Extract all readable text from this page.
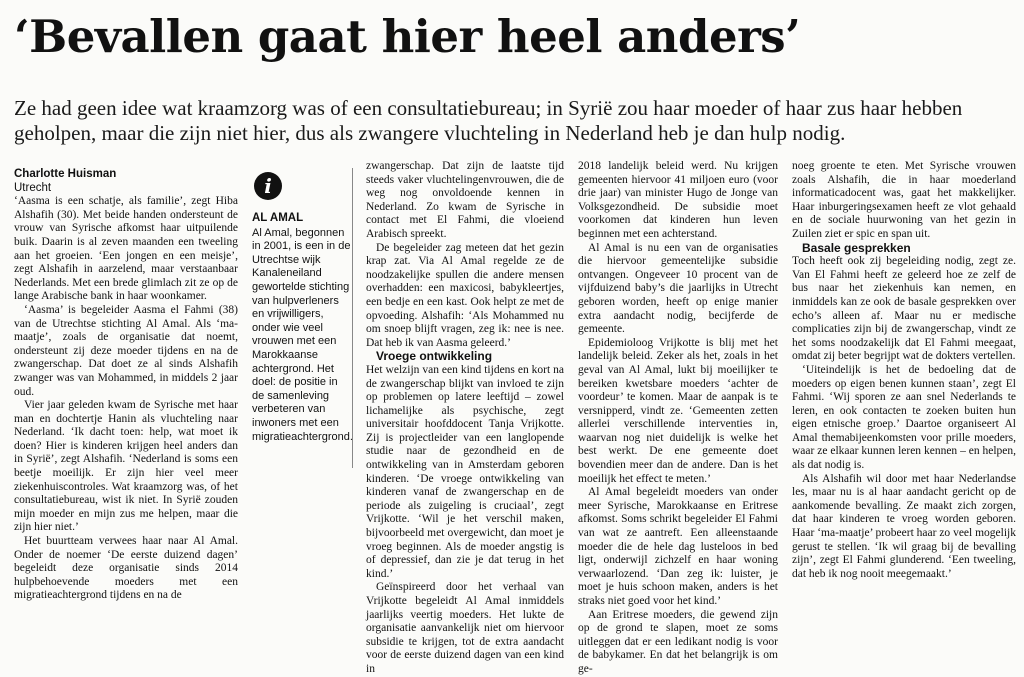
‘Bevallen gaat hier heel anders’

Ze had geen idee wat kraamzorg was of een consultatiebureau; in Syrië zou haar moeder of haar zus haar hebben geholpen, maar die zijn niet hier, dus als zwangere vluchteling in Nederland heb je dan hulp nodig.

Charlotte Huisman

Utrecht

‘Aasma is een schatje, als familie’, zegt Hiba Alshafih (30). Met beide handen ondersteunt de vrouw van Syrische afkomst haar uitpuilende buik. Daarin is al zeven maanden een tweeling aan het groeien. ‘Een jongen en een meisje’, zegt Alshafih in aarzelend, maar verstaanbaar Nederlands. Met een brede glimlach zit ze op de lange Arabische bank in haar woonkamer.

‘Aasma’ is begeleider Aasma el Fahmi (38) van de Utrechtse stichting Al Amal. Als ‘ma-maatje’, zoals de organisatie dat noemt, ondersteunt zij deze moeder tijdens en na de zwangerschap. Dat doet ze al sinds Alshafih zwanger was van Mohammed, in middels 2 jaar oud.

Vier jaar geleden kwam de Syrische met haar man en dochtertje Hanin als vluchteling naar Nederland. ‘Ik dacht toen: help, wat moet ik doen? Hier is kinderen krijgen heel anders dan in Syrië’, zegt Alshafih. ‘Nederland is soms een beetje moeilijk. Er zijn hier veel meer ziekenhuiscontroles. Wat kraamzorg was, of het consultatiebureau, wist ik niet. In Syrië zouden mijn moeder en mijn zus me helpen, maar die zijn hier niet.’

Het buurtteam verwees haar naar Al Amal. Onder de noemer ‘De eerste duizend dagen’ begeleidt deze organisatie sinds 2014 hulpbehoevende moeders met een migratieachtergrond tijdens en na de

i

AL AMAL

Al Amal, begonnen in 2001, is een in de Utrechtse wijk Kanaleneiland gewortelde stichting van hulpverleners en vrijwilligers, onder wie veel vrouwen met een Marokkaanse achtergrond. Het doel: de positie in de samenleving verbeteren van inwoners met een migratieachtergrond.

zwangerschap. Dat zijn de laatste tijd steeds vaker vluchtelingenvrouwen, die de weg nog onvoldoende kennen in Nederland. Zo kwam de Syrische in contact met El Fahmi, die vloeiend Arabisch spreekt.

De begeleider zag meteen dat het gezin krap zat. Via Al Amal regelde ze de noodzakelijke spullen die andere mensen overhadden: een maxicosi, babykleertjes, een bedje en een kast. Ook helpt ze met de opvoeding. Alshafih: ‘Als Mohammed nu om snoep blijft vragen, zeg ik: nee is nee. Dat heb ik van Aasma geleerd.’

Vroege ontwikkeling

Het welzijn van een kind tijdens en kort na de zwangerschap blijkt van invloed te zijn op problemen op latere leeftijd – zowel lichamelijke als psychische, zegt universitair hoofddocent Tanja Vrijkotte. Zij is projectleider van een langlopende studie naar de gezondheid en de ontwikkeling van in Amsterdam geboren kinderen. ‘De vroege ontwikkeling van kinderen vanaf de zwangerschap en de periode als zuigeling is cruciaal’, zegt Vrijkotte. ‘Wil je het verschil maken, bijvoorbeeld met overgewicht, dan moet je vroeg beginnen. Als de moeder angstig is of depressief, dan zie je dat terug in het kind.’

Geïnspireerd door het verhaal van Vrijkotte begeleidt Al Amal inmiddels jaarlijks veertig moeders. Het lukte de organisatie aanvankelijk niet om hiervoor subsidie te krijgen, tot de extra aandacht voor de eerste duizend dagen van een kind in

2018 landelijk beleid werd. Nu krijgen gemeenten hiervoor 41 miljoen euro (voor drie jaar) van minister Hugo de Jonge van Volksgezondheid. De subsidie moet voorkomen dat kinderen hun leven beginnen met een achterstand.

Al Amal is nu een van de organisaties die hiervoor gemeentelijke subsidie ontvangen. Ongeveer 10 procent van de vijfduizend baby’s die jaarlijks in Utrecht geboren worden, heeft op enige manier extra aandacht nodig, becijferde de gemeente.

Epidemioloog Vrijkotte is blij met het landelijk beleid. Zeker als het, zoals in het geval van Al Amal, lukt bij moeilijker te bereiken kwetsbare moeders ‘achter de voordeur’ te komen. Maar de aanpak is te versnipperd, vindt ze. ‘Gemeenten zetten allerlei verschillende interventies in, waarvan nog niet duidelijk is welke het best werkt. De ene gemeente doet bovendien meer dan de andere. Dan is het moeilijk het effect te meten.’

Al Amal begeleidt moeders van onder meer Syrische, Marokkaanse en Eritrese afkomst. Soms schrikt begeleider El Fahmi van wat ze aantreft. Een alleenstaande moeder die de hele dag lusteloos in bed ligt, onderwijl zichzelf en haar woning verwaarlozend. ‘Dan zeg ik: luister, je moet je huis schoon maken, anders is het straks niet goed voor het kind.’

Aan Eritrese moeders, die gewend zijn op de grond te slapen, moet ze soms uitleggen dat er een ledikant nodig is voor de babykamer. En dat het belangrijk is om ge-

noeg groente te eten. Met Syrische vrouwen zoals Alshafih, die in haar moederland informaticadocent was, gaat het makkelijker. Haar inburgeringsexamen heeft ze vlot gehaald en de sociale huurwoning van het gezin in Zuilen ziet er spic en span uit.

Basale gesprekken

Toch heeft ook zij begeleiding nodig, zegt ze. Van El Fahmi heeft ze geleerd hoe ze zelf de bus naar het ziekenhuis kan nemen, en inmiddels kan ze ook de basale gesprekken over echo’s alleen af. Maar nu er medische complicaties zijn bij de zwangerschap, vindt ze het soms noodzakelijk dat El Fahmi meegaat, omdat zij beter begrijpt wat de dokters vertellen.

‘Uiteindelijk is het de bedoeling dat de moeders op eigen benen kunnen staan’, zegt El Fahmi. ‘Wij sporen ze aan snel Nederlands te leren, en ook contacten te zoeken buiten hun eigen etnische groep.’ Daartoe organiseert Al Amal themabijeenkomsten voor prille moeders, waar ze elkaar kunnen leren kennen – en helpen, als dat nodig is.

Als Alshafih wil door met haar Nederlandse les, maar nu is al haar aandacht gericht op de aankomende bevalling. Ze maakt zich zorgen, dat haar kinderen te vroeg worden geboren. Haar ‘ma-maatje’ probeert haar zo veel mogelijk gerust te stellen. ‘Ik wil graag bij de bevalling zijn’, zegt El Fahmi glunderend. ‘Een tweeling, dat heb ik nog nooit meegemaakt.’
